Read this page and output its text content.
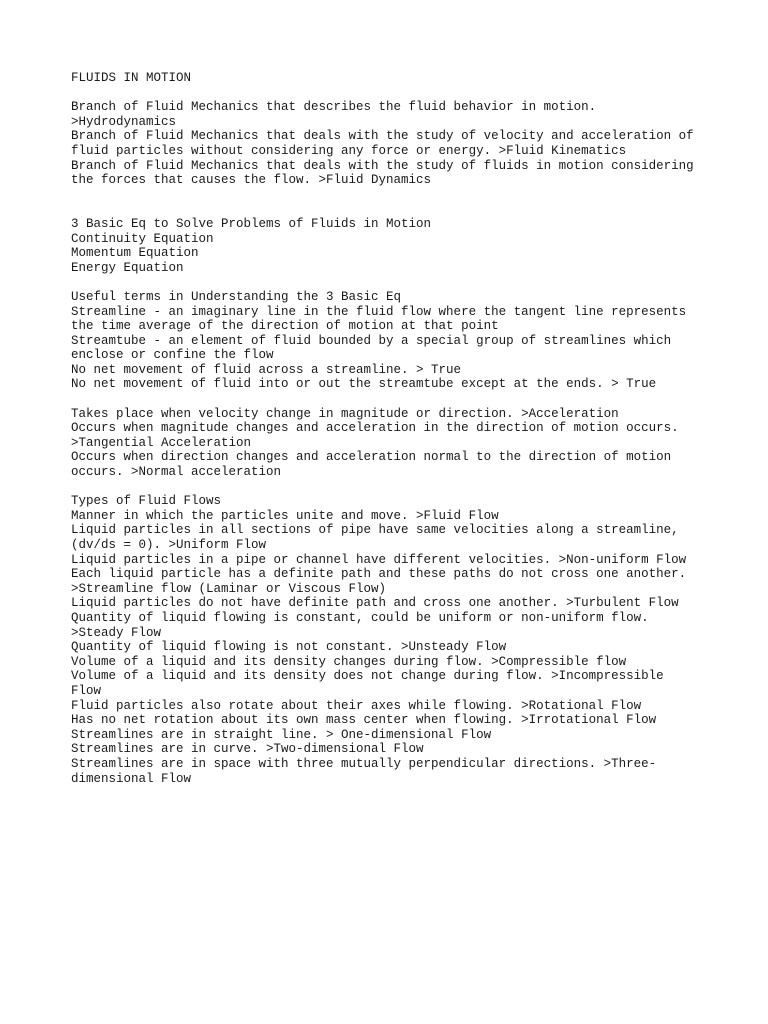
FLUIDS IN MOTION
Branch of Fluid Mechanics that describes the fluid behavior in motion.
>Hydrodynamics
Branch of Fluid Mechanics that deals with the study of velocity and acceleration of
fluid particles without considering any force or energy. >Fluid Kinematics
Branch of Fluid Mechanics that deals with the study of fluids in motion considering
the forces that causes the flow. >Fluid Dynamics
3 Basic Eq to Solve Problems of Fluids in Motion
Continuity Equation
Momentum Equation
Energy Equation
Useful terms in Understanding the 3 Basic Eq
Streamline - an imaginary line in the fluid flow where the tangent line represents
the time average of the direction of motion at that point
Streamtube - an element of fluid bounded by a special group of streamlines which
enclose or confine the flow
No net movement of fluid across a streamline. > True
No net movement of fluid into or out the streamtube except at the ends. > True
Takes place when velocity change in magnitude or direction. >Acceleration
Occurs when magnitude changes and acceleration in the direction of motion occurs.
>Tangential Acceleration
Occurs when direction changes and acceleration normal to the direction of motion
occurs. >Normal acceleration
Types of Fluid Flows
Manner in which the particles unite and move. >Fluid Flow
Liquid particles in all sections of pipe have same velocities along a streamline,
(dv/ds = 0). >Uniform Flow
Liquid particles in a pipe or channel have different velocities. >Non-uniform Flow
Each liquid particle has a definite path and these paths do not cross one another.
>Streamline flow (Laminar or Viscous Flow)
Liquid particles do not have definite path and cross one another. >Turbulent Flow
Quantity of liquid flowing is constant, could be uniform or non-uniform flow.
>Steady Flow
Quantity of liquid flowing is not constant. >Unsteady Flow
Volume of a liquid and its density changes during flow. >Compressible flow
Volume of a liquid and its density does not change during flow. >Incompressible
Flow
Fluid particles also rotate about their axes while flowing. >Rotational Flow
Has no net rotation about its own mass center when flowing. >Irrotational Flow
Streamlines are in straight line. > One-dimensional Flow
Streamlines are in curve. >Two-dimensional Flow
Streamlines are in space with three mutually perpendicular directions. >Three-
dimensional Flow
